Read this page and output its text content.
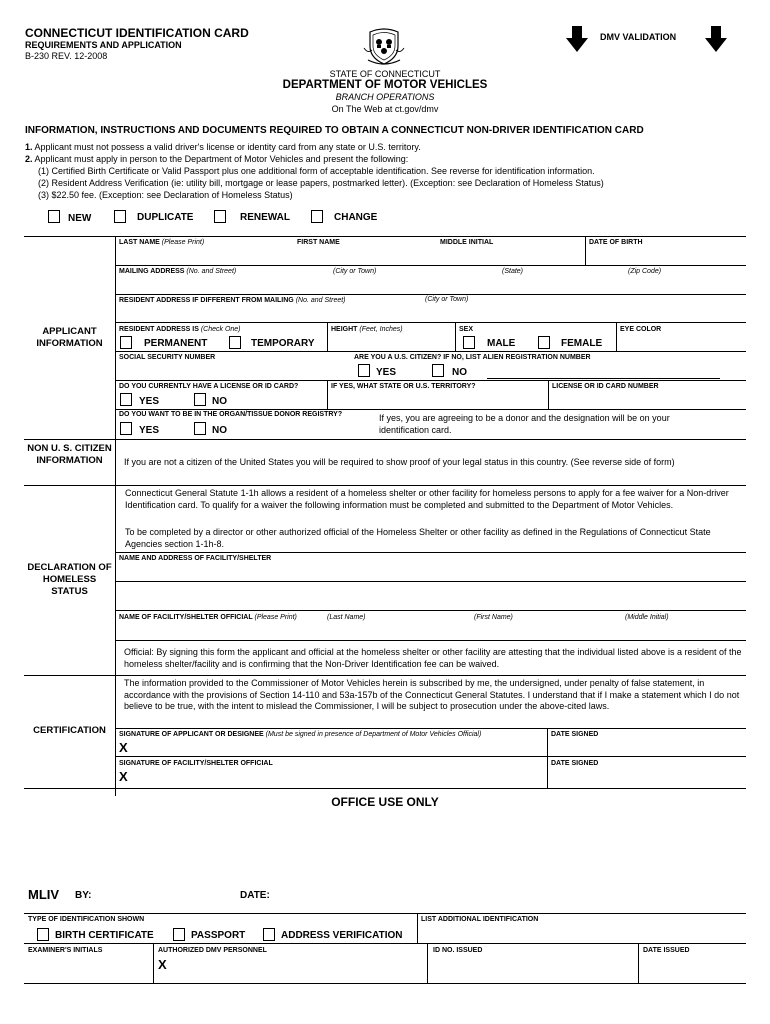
CONNECTICUT IDENTIFICATION CARD
REQUIREMENTS AND APPLICATION
B-230 REV. 12-2008
DMV VALIDATION
STATE OF CONNECTICUT
DEPARTMENT OF MOTOR VEHICLES
BRANCH OPERATIONS
On The Web at ct.gov/dmv
INFORMATION, INSTRUCTIONS AND DOCUMENTS REQUIRED TO OBTAIN A CONNECTICUT NON-DRIVER IDENTIFICATION CARD
1. Applicant must not possess a valid driver's license or identity card from any state or U.S. territory.
2. Applicant must apply in person to the Department of Motor Vehicles and present the following:
(1) Certified Birth Certificate or Valid Passport plus one additional form of acceptable identification. See reverse for identification information.
(2) Resident Address Verification (ie: utility bill, mortgage or lease papers, postmarked letter). (Exception: see Declaration of Homeless Status)
(3) $22.50 fee. (Exception: see Declaration of Homeless Status)
NEW	DUPLICATE	RENEWAL	CHANGE
APPLICANT INFORMATION
LAST NAME (Please Print)	FIRST NAME	MIDDLE INITIAL	DATE OF BIRTH
MAILING ADDRESS (No. and Street)	(City or Town)	(State)	(Zip Code)
RESIDENT ADDRESS IF DIFFERENT FROM MAILING (No. and Street)	(City or Town)
RESIDENT ADDRESS IS (Check One)
PERMANENT	TEMPORARY
HEIGHT (Feet, Inches)	SEX
MALE	FEMALE
EYE COLOR
SOCIAL SECURITY NUMBER	ARE YOU A U.S. CITIZEN? IF NO, LIST ALIEN REGISTRATION NUMBER
YES	NO
DO YOU CURRENTLY HAVE A LICENSE OR ID CARD?
YES	NO
IF YES, WHAT STATE OR U.S. TERRITORY?	LICENSE OR ID CARD NUMBER
DO YOU WANT TO BE IN THE ORGAN/TISSUE DONOR REGISTRY?
YES	NO
If yes, you are agreeing to be a donor and the designation will be on your identification card.
NON U. S. CITIZEN INFORMATION	If you are not a citizen of the United States you will be required to show proof of your legal status in this country. (See reverse side of form)
DECLARATION OF HOMELESS STATUS
Connecticut General Statute 1-1h allows a resident of a homeless shelter or other facility for homeless persons to apply for a fee waiver for a Non-driver Identification card. To qualify for a waiver the following information must be completed and submitted to the Department of Motor Vehicles.
To be completed by a director or other authorized official of the Homeless Shelter or other facility as defined in the Regulations of Connecticut State Agencies section 1-1h-8.
NAME AND ADDRESS OF FACILITY/SHELTER
NAME OF FACILITY/SHELTER OFFICIAL (Please Print)	(Last Name)	(First Name)	(Middle Initial)
Official: By signing this form the applicant and official at the homeless shelter or other facility are attesting that the individual listed above is a resident of the homeless shelter/facility and is confirming that the Non-Driver Identification fee can be waived.
CERTIFICATION
The information provided to the Commissioner of Motor Vehicles herein is subscribed by me, the undersigned, under penalty of false statement, in accordance with the provisions of Section 14-110 and 53a-157b of the Connecticut General Statutes. I understand that if I make a statement which I do not believe to be true, with the intent to mislead the Commissioner, I will be subject to prosecution under the above-cited laws.
SIGNATURE OF APPLICANT OR DESIGNEE (Must be signed in presence of Department of Motor Vehicles Official)
X
DATE SIGNED
SIGNATURE OF FACILITY/SHELTER OFFICIAL
X
DATE SIGNED
OFFICE USE ONLY
MLIV BY:	DATE:
TYPE OF IDENTIFICATION SHOWN	LIST ADDITIONAL IDENTIFICATION
BIRTH CERTIFICATE	PASSPORT	ADDRESS VERIFICATION
EXAMINER'S INITIALS	AUTHORIZED DMV PERSONNEL
X
ID NO. ISSUED	DATE ISSUED
